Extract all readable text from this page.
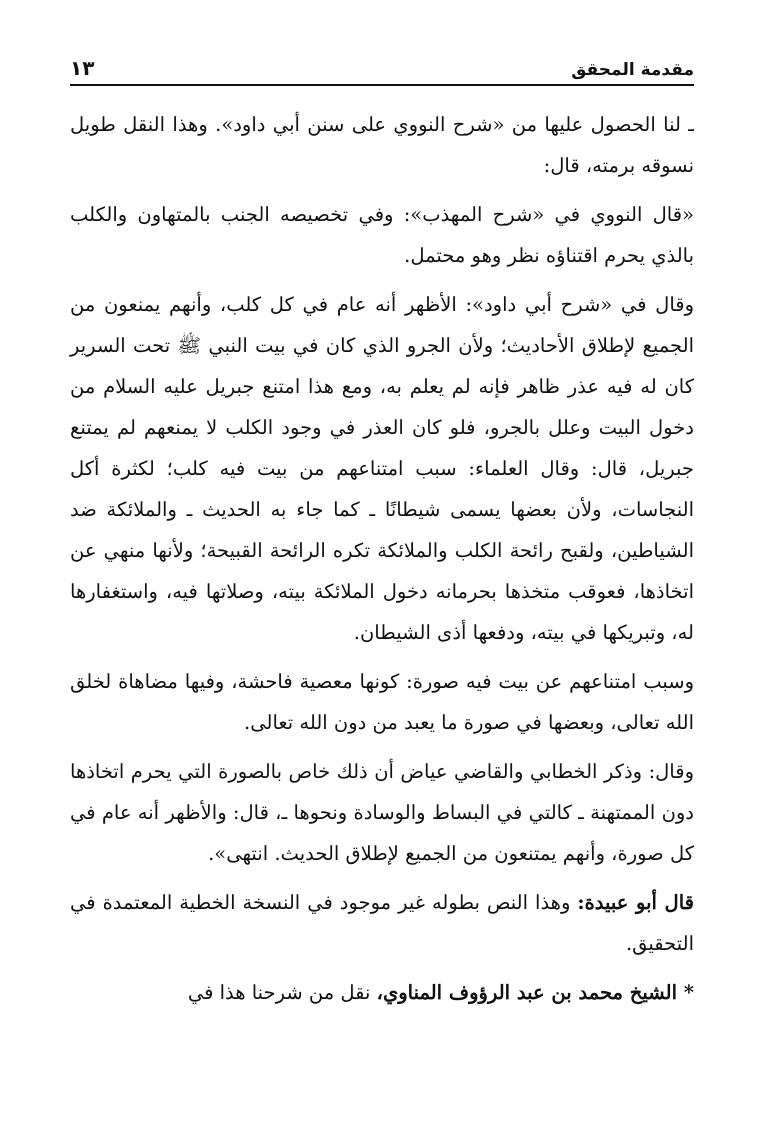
مقدمة المحقق
١٣

ـ لنا الحصول عليها من «شرح النووي على سنن أبي داود». وهذا النقل طويل نسوقه برمته، قال:

«قال النووي في «شرح المهذب»: وفي تخصيصه الجنب بالمتهاون والكلب بالذي يحرم اقتناؤه نظر وهو محتمل.

وقال في «شرح أبي داود»: الأظهر أنه عام في كل كلب، وأنهم يمنعون من الجميع لإطلاق الأحاديث؛ ولأن الجرو الذي كان في بيت النبي ﷺ تحت السرير كان له فيه عذر ظاهر فإنه لم يعلم به، ومع هذا امتنع جبريل عليه السلام من دخول البيت وعلل بالجرو، فلو كان العذر في وجود الكلب لا يمنعهم لم يمتنع جبريل، قال: وقال العلماء: سبب امتناعهم من بيت فيه كلب؛ لكثرة أكل النجاسات، ولأن بعضها يسمى شيطانًا ـ كما جاء به الحديث ـ والملائكة ضد الشياطين، ولقبح رائحة الكلب والملائكة تكره الرائحة القبيحة؛ ولأنها منهي عن اتخاذها، فعوقب متخذها بحرمانه دخول الملائكة بيته، وصلاتها فيه، واستغفارها له، وتبريكها في بيته، ودفعها أذى الشيطان.

وسبب امتناعهم عن بيت فيه صورة: كونها معصية فاحشة، وفيها مضاهاة لخلق الله تعالى، وبعضها في صورة ما يعبد من دون الله تعالى.

وقال: وذكر الخطابي والقاضي عياض أن ذلك خاص بالصورة التي يحرم اتخاذها دون الممتهنة ـ كالتي في البساط والوسادة ونحوها ـ، قال: والأظهر أنه عام في كل صورة، وأنهم يمتنعون من الجميع لإطلاق الحديث. انتهى».

قال أبو عبيدة: وهذا النص بطوله غير موجود في النسخة الخطية المعتمدة في التحقيق.

* الشيخ محمد بن عبد الرؤوف المناوي، نقل من شرحنا هذا في
